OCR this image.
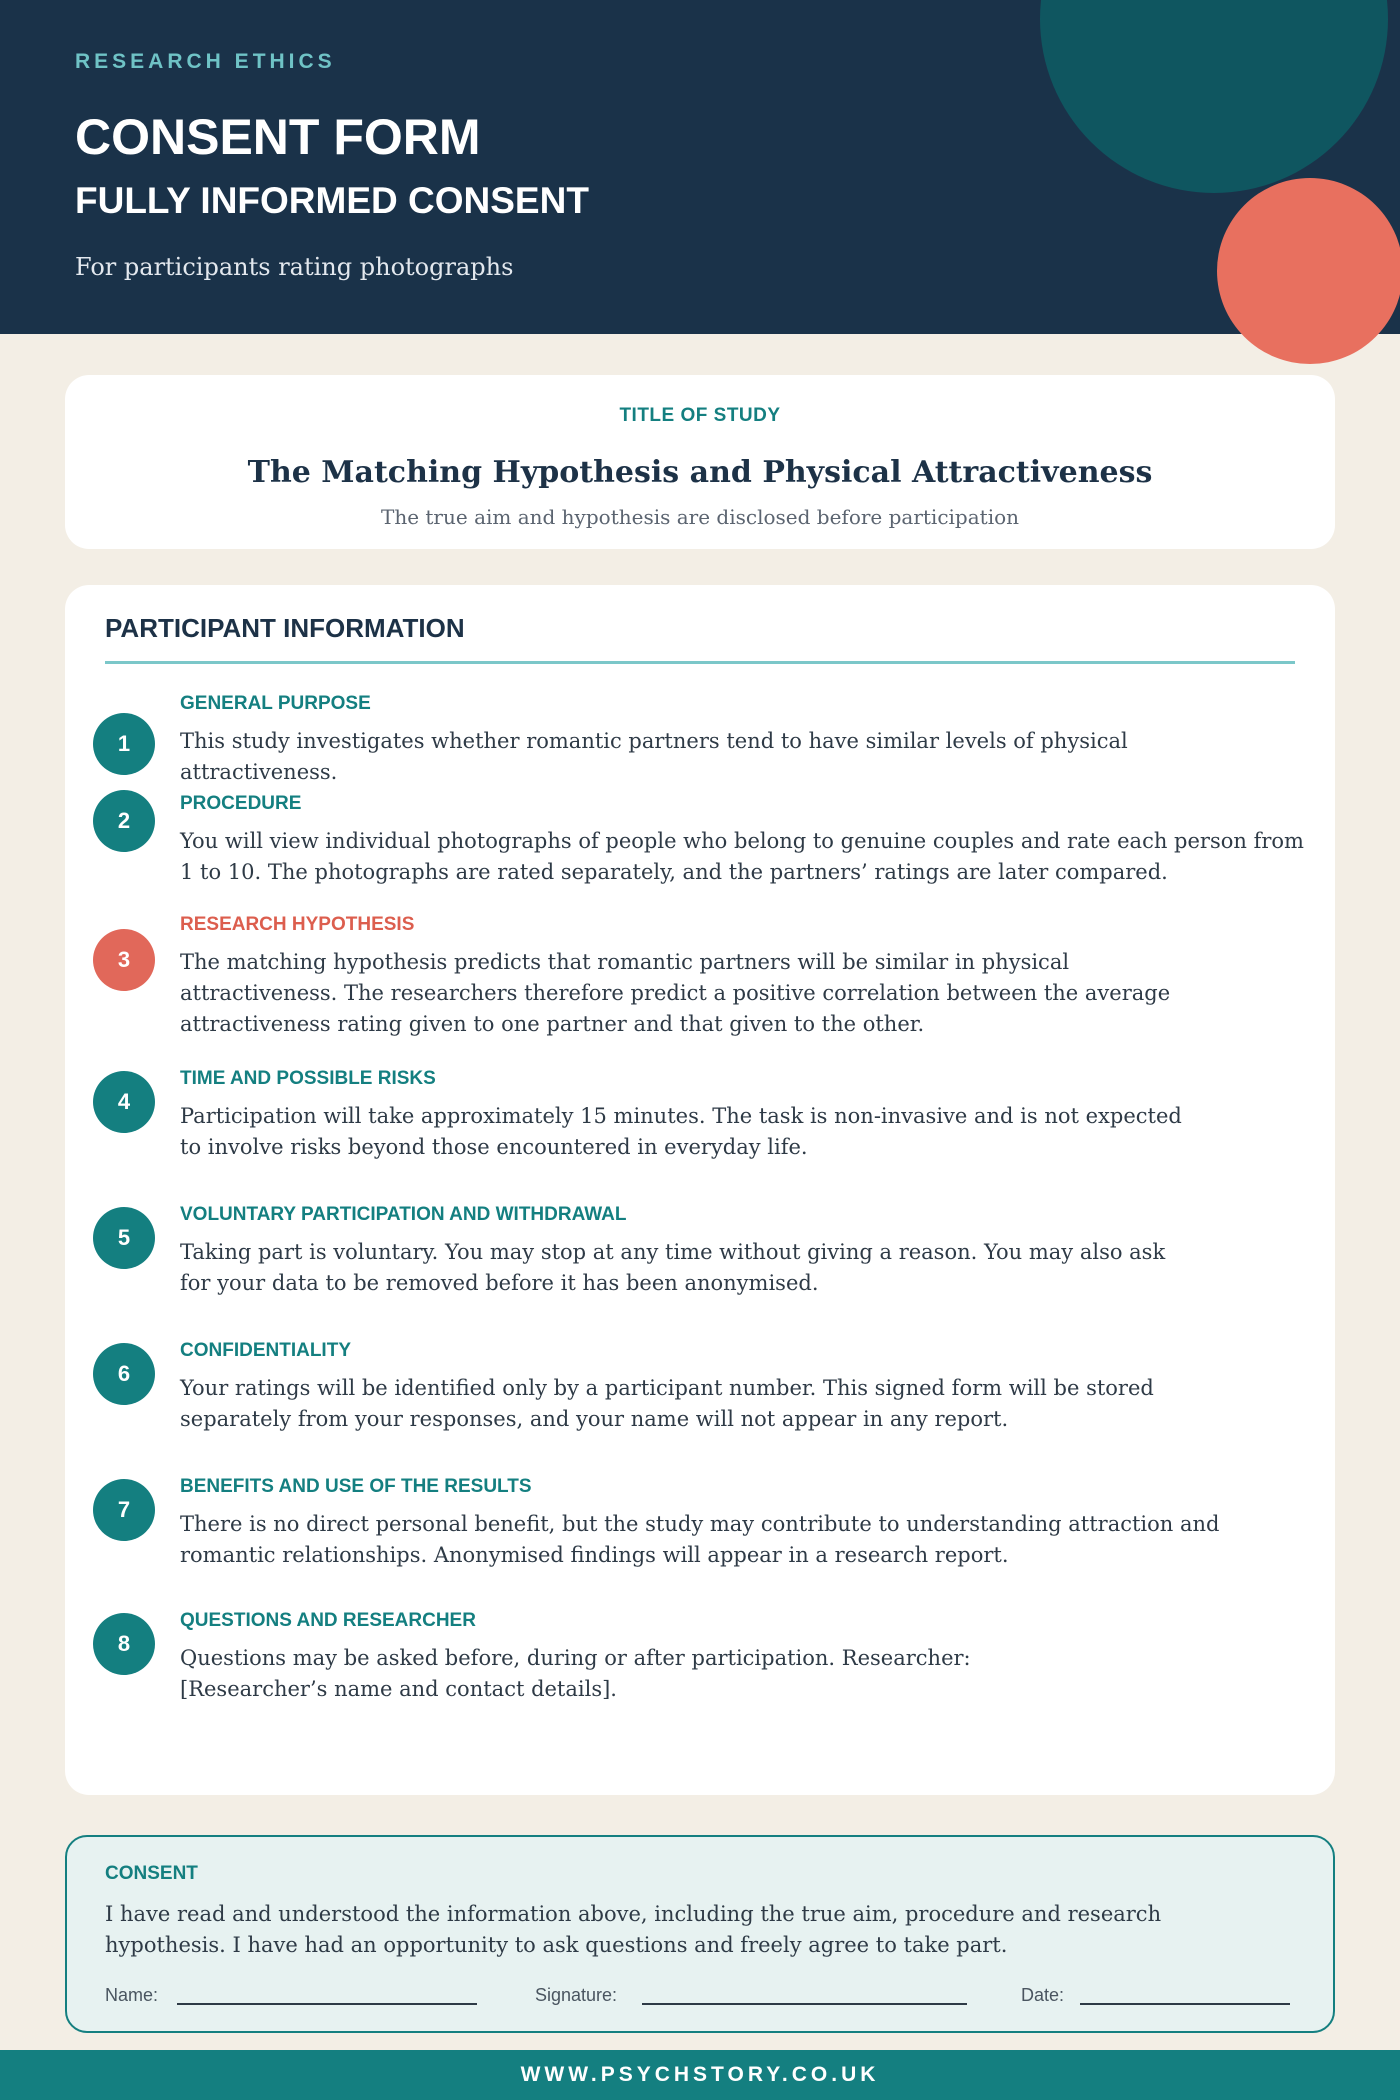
RESEARCH ETHICS
CONSENT FORM
FULLY INFORMED CONSENT
For participants rating photographs
TITLE OF STUDY
The Matching Hypothesis and Physical Attractiveness
The true aim and hypothesis are disclosed before participation
PARTICIPANT INFORMATION
1
GENERAL PURPOSE
This study investigates whether romantic partners tend to have similar levels of physical attractiveness.
2
PROCEDURE
You will view individual photographs of people who belong to genuine couples and rate each person from 1 to 10. The photographs are rated separately, and the partners’ ratings are later compared.
3
RESEARCH HYPOTHESIS
The matching hypothesis predicts that romantic partners will be similar in physical attractiveness. The researchers therefore predict a positive correlation between the average attractiveness rating given to one partner and that given to the other.
4
TIME AND POSSIBLE RISKS
Participation will take approximately 15 minutes. The task is non-invasive and is not expected to involve risks beyond those encountered in everyday life.
5
VOLUNTARY PARTICIPATION AND WITHDRAWAL
Taking part is voluntary. You may stop at any time without giving a reason. You may also ask for your data to be removed before it has been anonymised.
6
CONFIDENTIALITY
Your ratings will be identified only by a participant number. This signed form will be stored separately from your responses, and your name will not appear in any report.
7
BENEFITS AND USE OF THE RESULTS
There is no direct personal benefit, but the study may contribute to understanding attraction and romantic relationships. Anonymised findings will appear in a research report.
8
QUESTIONS AND RESEARCHER
Questions may be asked before, during or after participation. Researcher: [Researcher’s name and contact details].
CONSENT
I have read and understood the information above, including the true aim, procedure and research hypothesis. I have had an opportunity to ask questions and freely agree to take part.
Name:	Signature:	Date:
WWW.PSYCHSTORY.CO.UK
